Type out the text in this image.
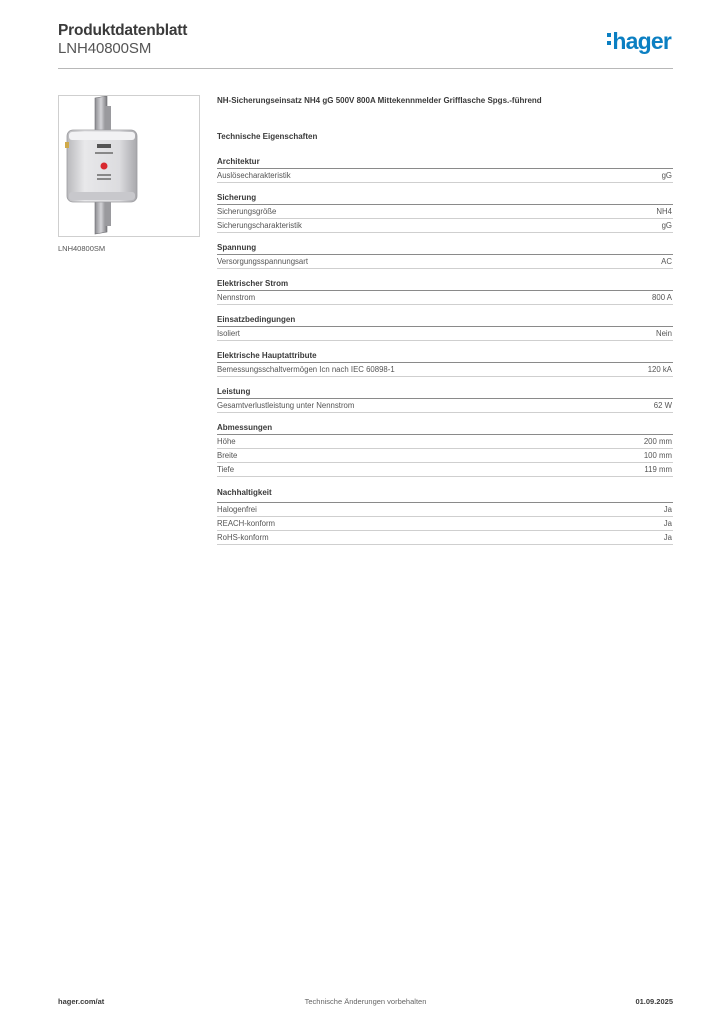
Produktdatenblatt
LNH40800SM	hager
LNH40800SM
NH-Sicherungseinsatz NH4 gG 500V 800A Mittekennmelder Grifflasche Spgs.-führend
Technische Eigenschaften
Architektur
Auslösecharakteristik	gG
Sicherung
Sicherungsgröße	NH4
Sicherungscharakteristik	gG
Spannung
Versorgungsspannungsart	AC
Elektrischer Strom
Nennstrom	800 A
Einsatzbedingungen
Isoliert	Nein
Elektrische Hauptattribute
Bemessungsschaltvermögen Icn nach IEC 60898-1	120 kA
Leistung
Gesamtverlustleistung unter Nennstrom	62 W
Abmessungen
Höhe	200 mm
Breite	100 mm
Tiefe	119 mm
Nachhaltigkeit
Halogenfrei	Ja
REACH-konform	Ja
RoHS-konform	Ja
hager.com/at	Technische Änderungen vorbehalten	01.09.2025
